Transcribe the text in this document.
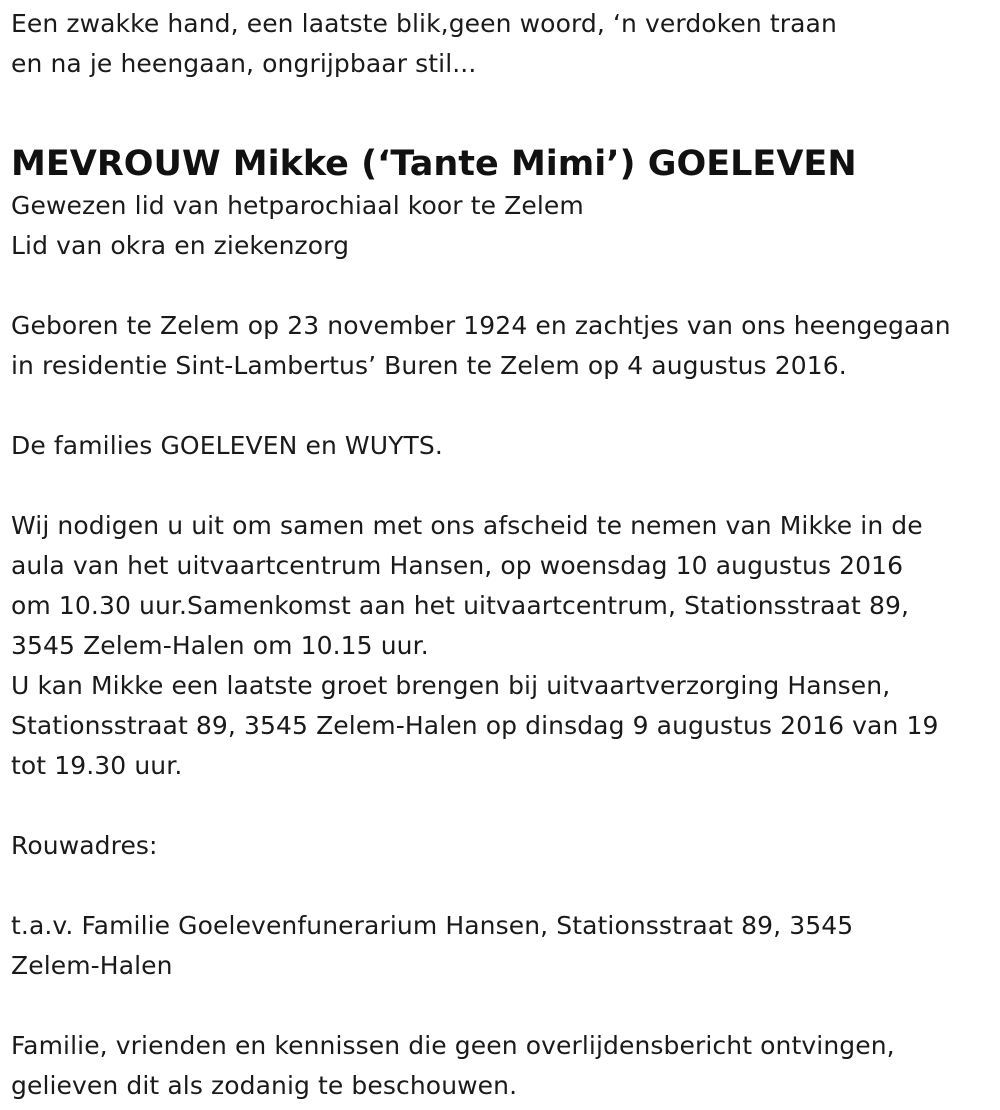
Een zwakke hand, een laatste blik,geen woord, ‘n verdoken traan
en na je heengaan, ongrijpbaar stil...
MEVROUW Mikke (‘Tante Mimi’) GOELEVEN
Gewezen lid van hetparochiaal koor te Zelem
Lid van okra en ziekenzorg
Geboren te Zelem op 23 november 1924 en zachtjes van ons heengegaan
in residentie Sint-Lambertus’ Buren te Zelem op 4 augustus 2016.
De families GOELEVEN en WUYTS.
Wij nodigen u uit om samen met ons afscheid te nemen van Mikke in de
aula van het uitvaartcentrum Hansen, op woensdag 10 augustus 2016
om 10.30 uur.Samenkomst aan het uitvaartcentrum, Stationsstraat 89,
3545 Zelem-Halen om 10.15 uur.
U kan Mikke een laatste groet brengen bij uitvaartverzorging Hansen,
Stationsstraat 89, 3545 Zelem-Halen op dinsdag 9 augustus 2016 van 19
tot 19.30 uur.
Rouwadres:
t.a.v. Familie Goelevenfunerarium Hansen, Stationsstraat 89, 3545
Zelem-Halen
Familie, vrienden en kennissen die geen overlijdensbericht ontvingen,
gelieven dit als zodanig te beschouwen.
